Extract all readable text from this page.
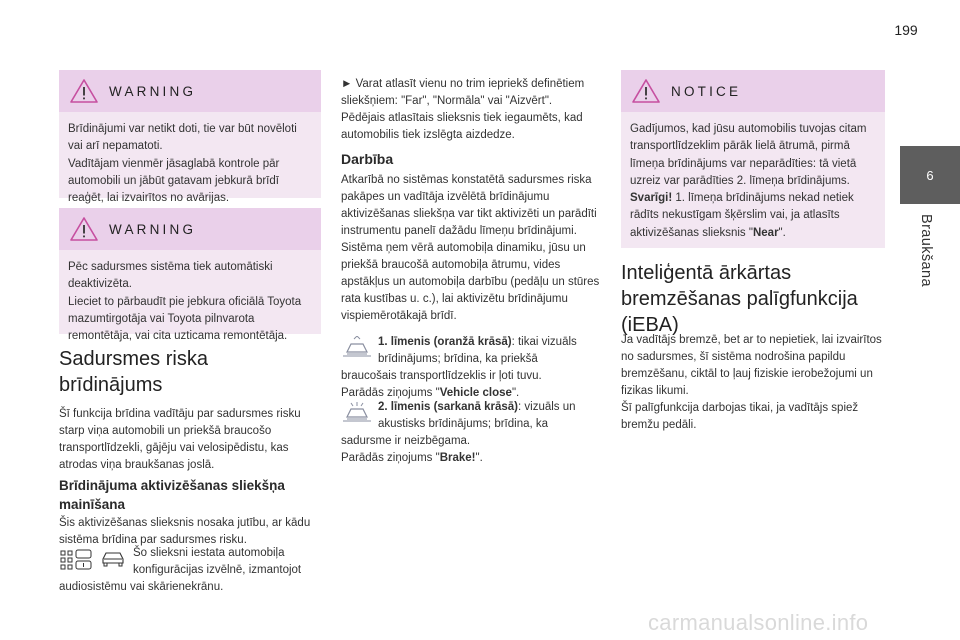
199
6
Braukšana
WARNING

Brīdinājumi var netikt doti, tie var būt novēloti vai arī nepamatoti.

Vadītājam vienmēr jāsaglabā kontrole pār automobili un jābūt gatavam jebkurā brīdī reaģēt, lai izvairītos no avārijas.

WARNING

Pēc sadursmes sistēma tiek automātiski deaktivizēta.

Lieciet to pārbaudīt pie jebkura oficiālā Toyota mazumtirgotāja vai Toyota pilnvarota remontētāja, vai cita uzticama remontētāja.

Sadursmes riska brīdinājums
Šī funkcija brīdina vadītāju par sadursmes risku starp viņa automobili un priekšā braucošo transportlīdzekli, gājēju vai velosipēdistu, kas atrodas viņa braukšanas joslā.
Brīdinājuma aktivizēšanas sliekšņa mainīšana
Šis aktivizēšanas slieksnis nosaka jutību, ar kādu sistēma brīdina par sadursmes risku.
Šo slieksni iestata automobiļa
konfigurācijas izvēlnē, izmantojot
audiosistēmu vai skārienekrānu.

► Varat atlasīt vienu no trim iepriekš definētiem sliekšņiem: "Far", "Normāla" vai "Aizvērt".

Pēdējais atlasītais slieksnis tiek iegaumēts, kad automobilis tiek izslēgta aizdedze.

Darbība

Atkarībā no sistēmas konstatētā sadursmes riska pakāpes un vadītāja izvēlētā brīdinājumu aktivizēšanas sliekšņa var tikt aktivizēti un parādīti instrumentu panelī dažādu līmeņu brīdinājumi.

Sistēma ņem vērā automobiļa dinamiku, jūsu un priekšā braucošā automobiļa ātrumu, vides apstākļus un automobiļa darbību (pedāļu un stūres rata kustības u. c.), lai aktivizētu brīdinājumu vispiemērotākajā brīdī.

1. līmenis (oranžā krāsā): tikai vizuāls
brīdinājums; brīdina, ka priekšā
braucošais transportlīdzeklis ir ļoti tuvu.
Parādās ziņojums "Vehicle close".
2. līmenis (sarkanā krāsā): vizuāls un
akustisks brīdinājums; brīdina, ka
sadursme ir neizbēgama.
Parādās ziņojums "Brake!".
NOTICE

Gadījumos, kad jūsu automobilis tuvojas citam transportlīdzeklim pārāk lielā ātrumā, pirmā līmeņa brīdinājums var neparādīties: tā vietā uzreiz var parādīties 2. līmeņa brīdinājums.

Svarīgi! 1. līmeņa brīdinājums nekad netiek rādīts nekustīgam šķērslim vai, ja atlasīts aktivizēšanas slieksnis "Near".

Inteliģentā ārkārtas bremzēšanas palīgfunkcija (iEBA)

Ja vadītājs bremzē, bet ar to nepietiek, lai izvairītos no sadursmes, šī sistēma nodrošina papildu bremzēšanu, ciktāl to ļauj fiziskie ierobežojumi un fizikas likumi.

Šī palīgfunkcija darbojas tikai, ja vadītājs spiež bremžu pedāli.

carmanualsonline.info
